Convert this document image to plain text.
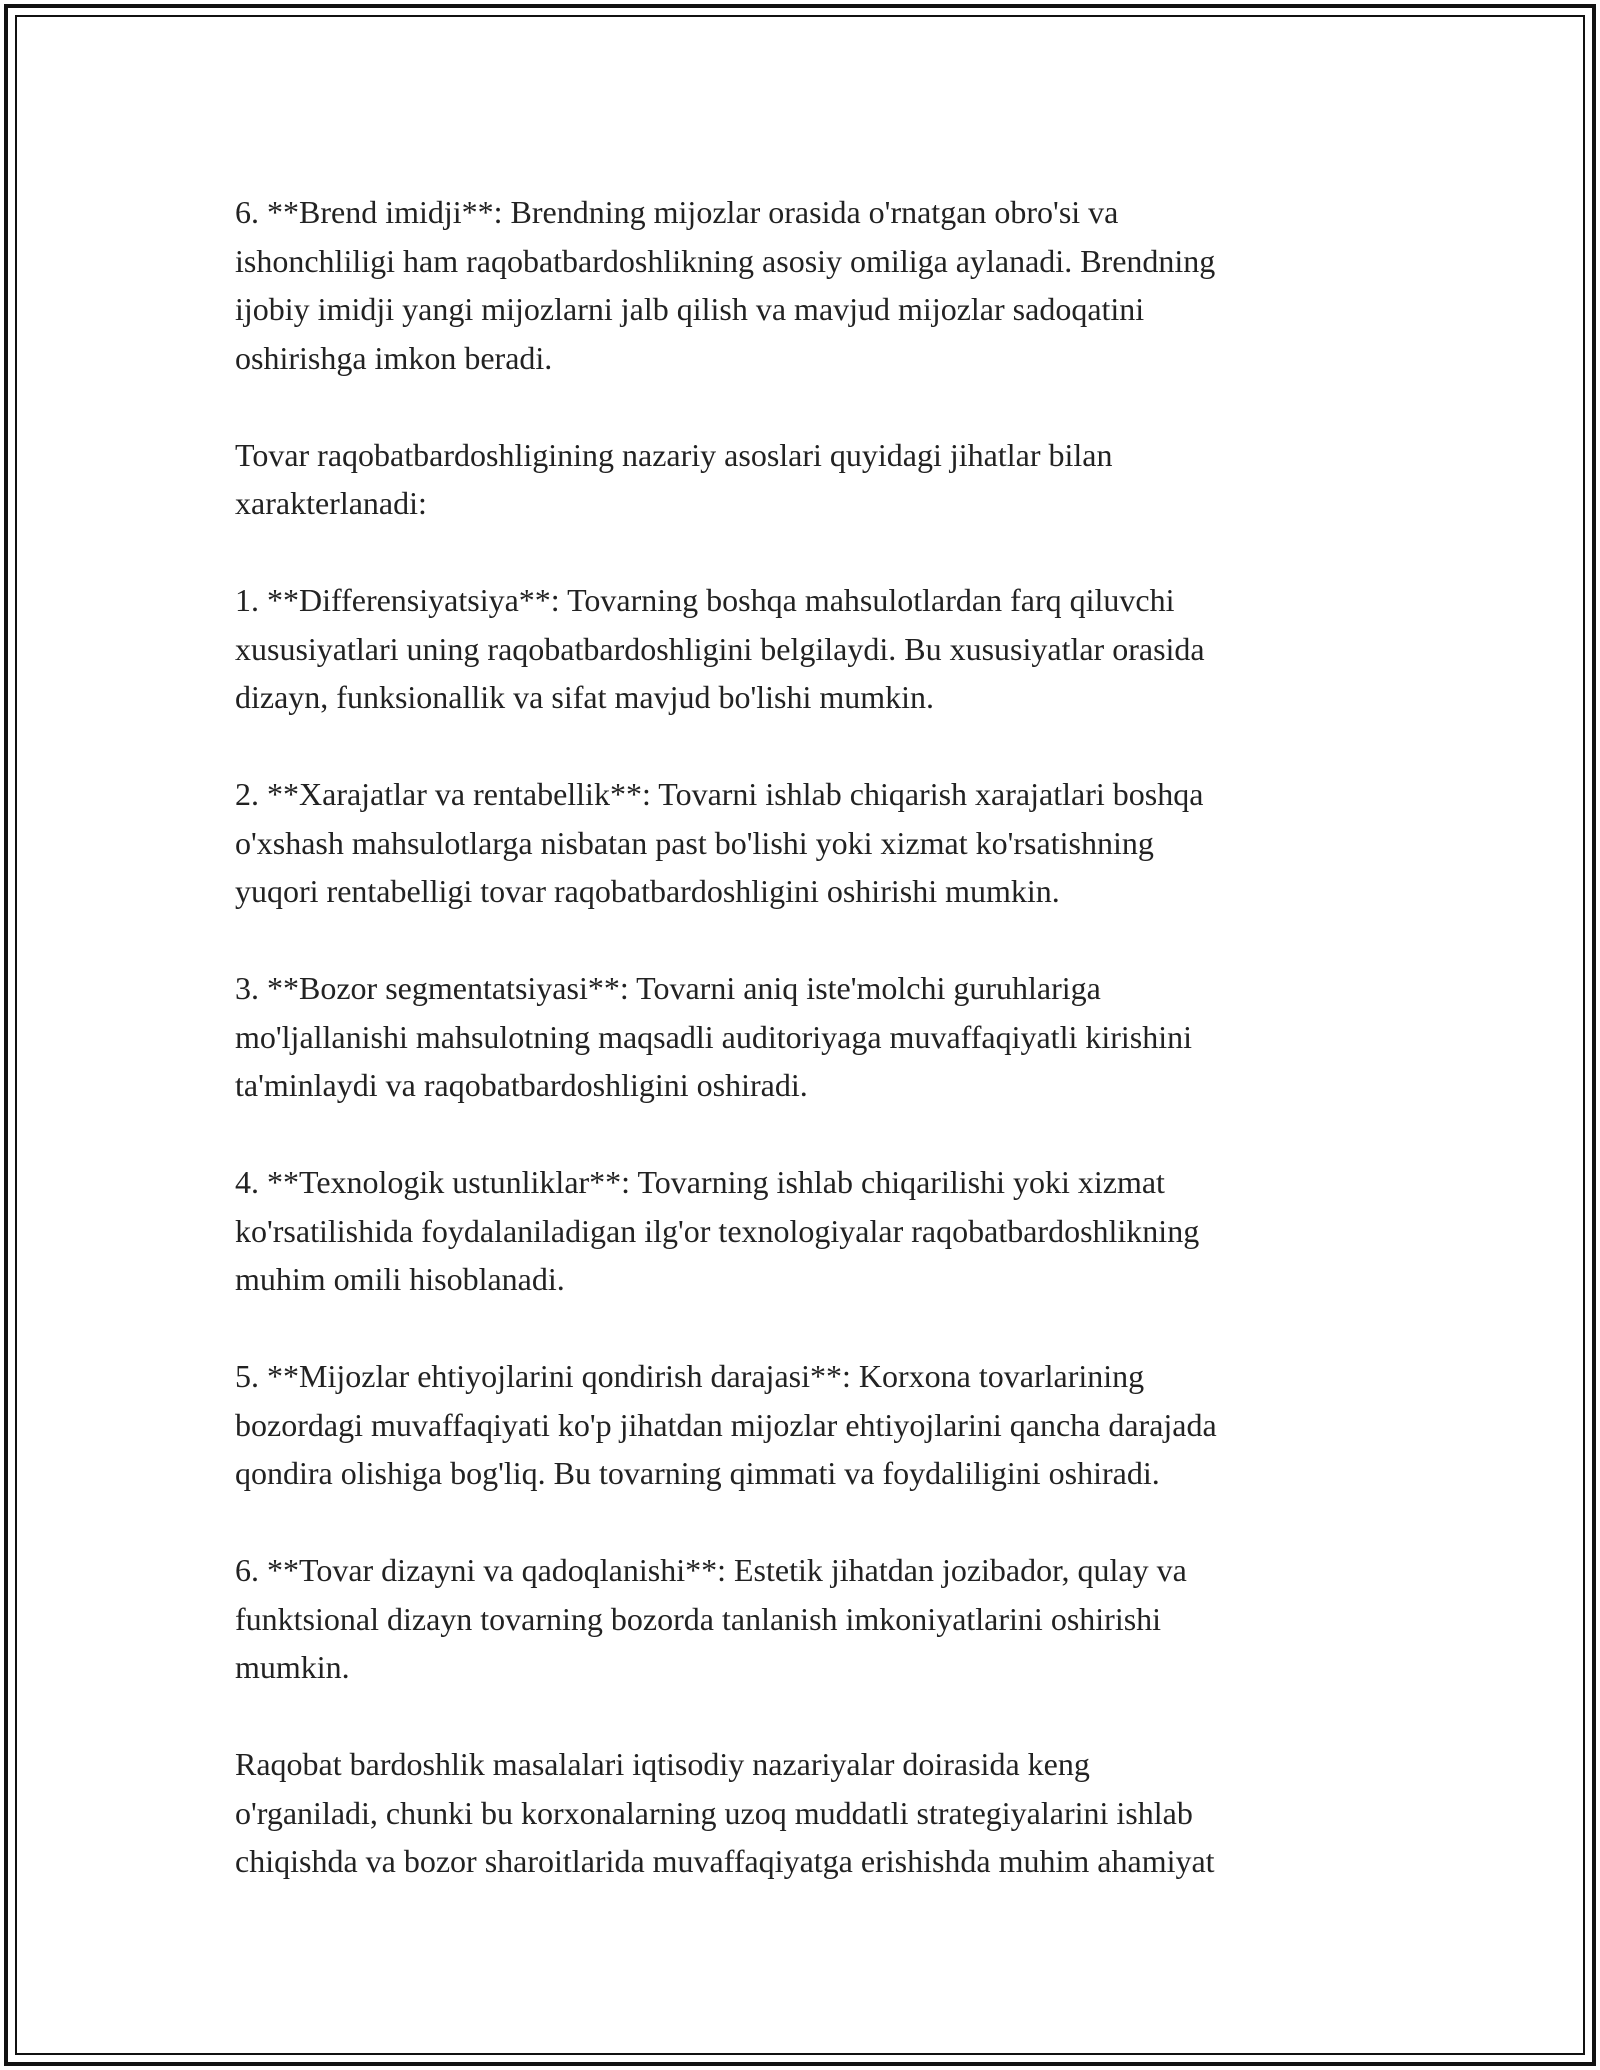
6. **Brend imidji**: Brendning mijozlar orasida o'rnatgan obro'si va
ishonchliligi ham raqobatbardoshlikning asosiy omiliga aylanadi. Brendning
ijobiy imidji yangi mijozlarni jalb qilish va mavjud mijozlar sadoqatini
oshirishga imkon beradi.

Tovar raqobatbardoshligining nazariy asoslari quyidagi jihatlar bilan
xarakterlanadi:

1. **Differensiyatsiya**: Tovarning boshqa mahsulotlardan farq qiluvchi
xususiyatlari uning raqobatbardoshligini belgilaydi. Bu xususiyatlar orasida
dizayn, funksionallik va sifat mavjud bo'lishi mumkin.

2. **Xarajatlar va rentabellik**: Tovarni ishlab chiqarish xarajatlari boshqa
o'xshash mahsulotlarga nisbatan past bo'lishi yoki xizmat ko'rsatishning
yuqori rentabelligi tovar raqobatbardoshligini oshirishi mumkin.

3. **Bozor segmentatsiyasi**: Tovarni aniq iste'molchi guruhlariga
mo'ljallanishi mahsulotning maqsadli auditoriyaga muvaffaqiyatli kirishini
ta'minlaydi va raqobatbardoshligini oshiradi.

4. **Texnologik ustunliklar**: Tovarning ishlab chiqarilishi yoki xizmat
ko'rsatilishida foydalaniladigan ilg'or texnologiyalar raqobatbardoshlikning
muhim omili hisoblanadi.

5. **Mijozlar ehtiyojlarini qondirish darajasi**: Korxona tovarlarining
bozordagi muvaffaqiyati ko'p jihatdan mijozlar ehtiyojlarini qancha darajada
qondira olishiga bog'liq. Bu tovarning qimmati va foydaliligini oshiradi.

6. **Tovar dizayni va qadoqlanishi**: Estetik jihatdan jozibador, qulay va
funktsional dizayn tovarning bozorda tanlanish imkoniyatlarini oshirishi
mumkin.

Raqobat bardoshlik masalalari iqtisodiy nazariyalar doirasida keng
o'rganiladi, chunki bu korxonalarning uzoq muddatli strategiyalarini ishlab
chiqishda va bozor sharoitlarida muvaffaqiyatga erishishda muhim ahamiyat
